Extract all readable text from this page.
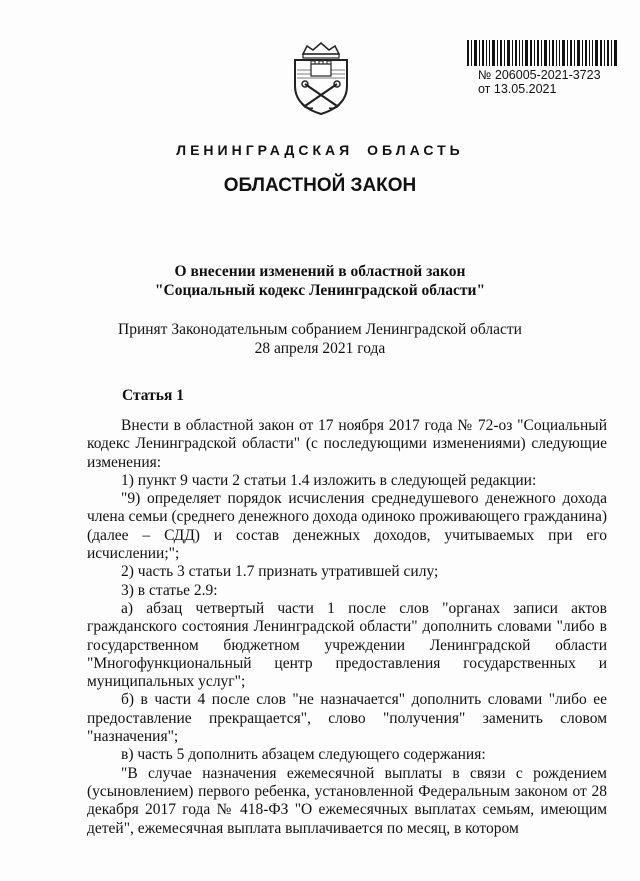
№ 206005-2021-3723
от 13.05.2021
ЛЕНИНГРАДСКАЯ ОБЛАСТЬ
ОБЛАСТНОЙ ЗАКОН
О внесении изменений в областной закон
"Социальный кодекс Ленинградской области"
Принят Законодательным собранием Ленинградской области
28 апреля 2021 года
Статья 1

Внести в областной закон от 17 ноября 2017 года № 72-оз "Социальный кодекс Ленинградской области" (с последующими изменениями) следующие изменения:

1) пункт 9 части 2 статьи 1.4 изложить в следующей редакции:

"9) определяет порядок исчисления среднедушевого денежного дохода члена семьи (среднего денежного дохода одиноко проживающего гражданина) (далее – СДД) и состав денежных доходов, учитываемых при его исчислении;";

2) часть 3 статьи 1.7 признать утратившей силу;

3) в статье 2.9:

а) абзац четвертый части 1 после слов "органах записи актов гражданского состояния Ленинградской области" дополнить словами "либо в государственном бюджетном учреждении Ленинградской области "Многофункциональный центр предоставления государственных и муниципальных услуг";

б) в части 4 после слов "не назначается" дополнить словами "либо ее предоставление прекращается", слово "получения" заменить словом "назначения";

в) часть 5 дополнить абзацем следующего содержания:

"В случае назначения ежемесячной выплаты в связи с рождением (усыновлением) первого ребенка, установленной Федеральным законом от 28 декабря 2017 года № 418-ФЗ "О ежемесячных выплатах семьям, имеющим детей", ежемесячная выплата выплачивается по месяц, в котором
